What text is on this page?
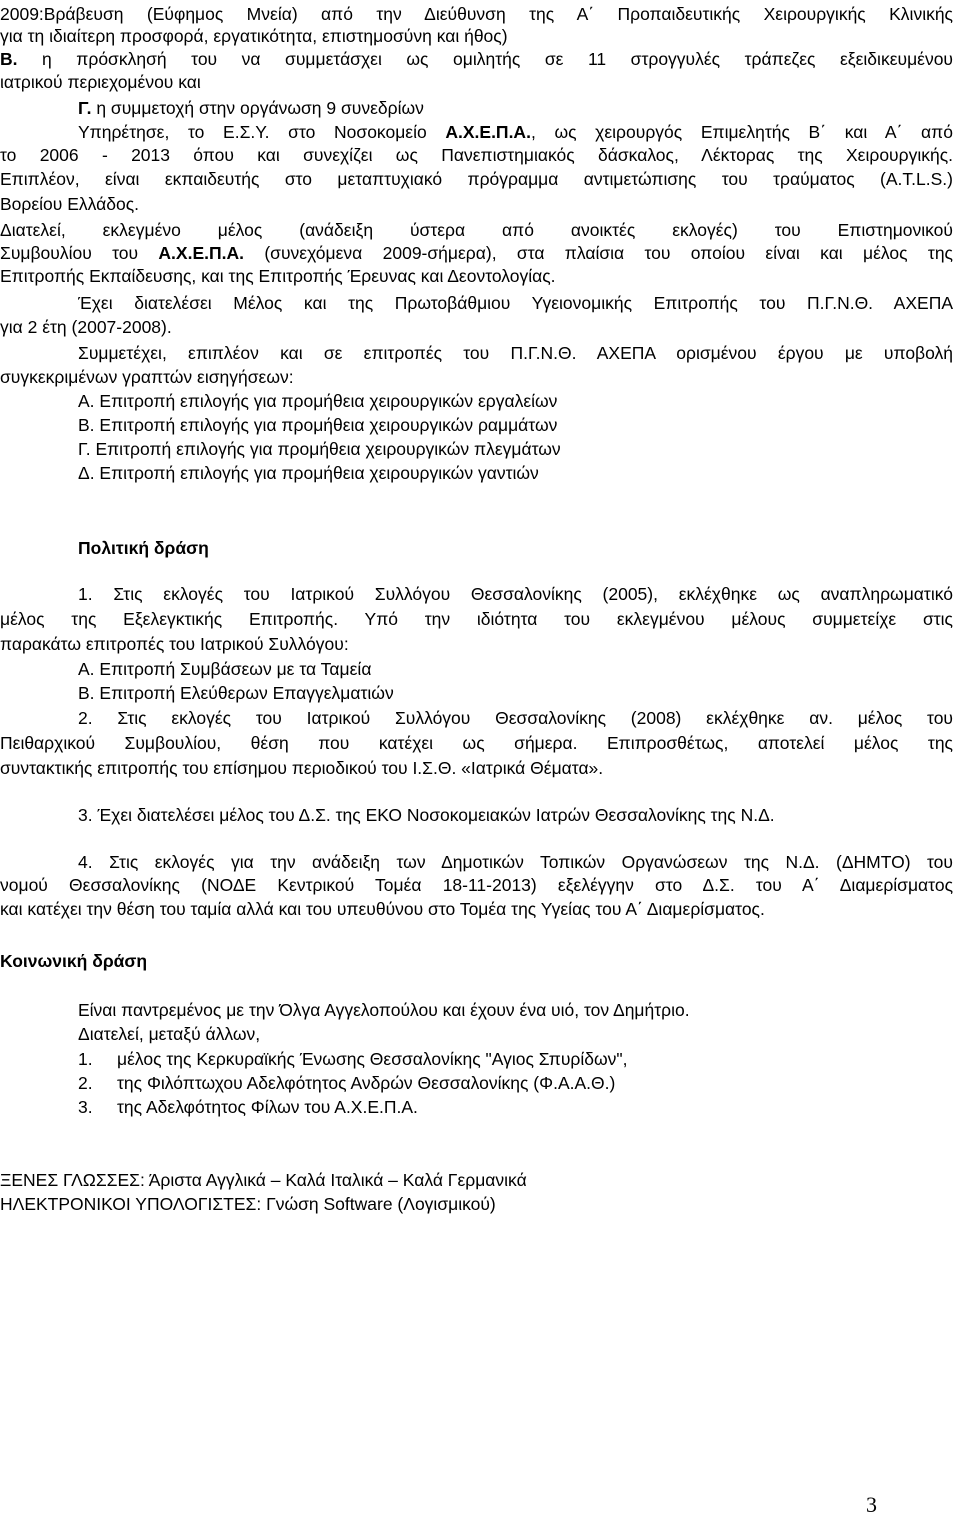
2009:Βράβευση (Εύφημος Μνεία) από την Διεύθυνση της Α΄ Προπαιδευτικής Χειρουργικής Κλινικής
για τη ιδιαίτερη προσφορά, εργατικότητα, επιστημοσύνη και ήθος)
Β. η πρόσκλησή του να συμμετάσχει ως ομιλητής σε 11 στρογγυλές τράπεζες εξειδικευμένου
ιατρικού περιεχομένου και
Γ. η συμμετοχή στην οργάνωση 9 συνεδρίων
Υπηρέτησε, το Ε.Σ.Υ. στο Νοσοκομείο Α.Χ.Ε.Π.Α., ως χειρουργός Επιμελητής Β΄ και Α΄ από
το 2006 - 2013 όπου και συνεχίζει ως Πανεπιστημιακός δάσκαλος, Λέκτορας της Χειρουργικής.
Επιπλέον, είναι εκπαιδευτής στο μεταπτυχιακό πρόγραμμα αντιμετώπισης του τραύματος (A.T.L.S.)
Βορείου Ελλάδος.
Διατελεί, εκλεγμένο μέλος (ανάδειξη ύστερα από ανοικτές εκλογές) του Επιστημονικού
Συμβουλίου του Α.Χ.Ε.Π.Α. (συνεχόμενα 2009-σήμερα), στα πλαίσια του οποίου είναι και μέλος της
Επιτροπής Εκπαίδευσης, και της Επιτροπής Έρευνας και Δεοντολογίας.
Έχει διατελέσει Μέλος και της Πρωτοβάθμιου Υγειονομικής Επιτροπής του Π.Γ.Ν.Θ. ΑΧΕΠΑ
για 2 έτη (2007-2008).
Συμμετέχει, επιπλέον και σε επιτροπές του Π.Γ.Ν.Θ. ΑΧΕΠΑ ορισμένου έργου με υποβολή
συγκεκριμένων γραπτών εισηγήσεων:
Α. Επιτροπή επιλογής για προμήθεια χειρουργικών εργαλείων
Β. Επιτροπή επιλογής για προμήθεια χειρουργικών ραμμάτων
Γ. Επιτροπή επιλογής για προμήθεια χειρουργικών πλεγμάτων
Δ. Επιτροπή επιλογής για προμήθεια χειρουργικών γαντιών
Πολιτική δράση
1. Στις εκλογές του Ιατρικού Συλλόγου Θεσσαλονίκης (2005), εκλέχθηκε ως αναπληρωματικό
μέλος της Εξελεγκτικής Επιτροπής. Υπό την ιδιότητα του εκλεγμένου μέλους συμμετείχε στις
παρακάτω επιτροπές του Ιατρικού Συλλόγου:
Α. Επιτροπή Συμβάσεων με τα Ταμεία
Β. Επιτροπή Ελεύθερων Επαγγελματιών
2. Στις εκλογές του Ιατρικού Συλλόγου Θεσσαλονίκης (2008) εκλέχθηκε αν. μέλος του
Πειθαρχικού Συμβουλίου, θέση που κατέχει ως σήμερα. Επιπροσθέτως, αποτελεί μέλος της
συντακτικής επιτροπής του επίσημου περιοδικού του Ι.Σ.Θ. «Ιατρικά Θέματα».
3. Έχει διατελέσει μέλος του Δ.Σ. της ΕΚΟ Νοσοκομειακών Ιατρών Θεσσαλονίκης της Ν.Δ.
4. Στις εκλογές για την ανάδειξη των Δημοτικών Τοπικών Οργανώσεων της Ν.Δ. (ΔΗΜΤΟ) του
νομού Θεσσαλονίκης (ΝΟΔΕ Κεντρικού Τομέα 18-11-2013) εξελέγγην στο Δ.Σ. του Α΄ Διαμερίσματος
και κατέχει την θέση του ταμία αλλά και του υπευθύνου στο Τομέα της Υγείας του Α΄ Διαμερίσματος.
Κοινωνική δράση
Είναι παντρεμένος με την Όλγα Αγγελοπούλου και έχουν ένα υιό, τον Δημήτριο.
Διατελεί, μεταξύ άλλων,
1. μέλος της Κερκυραϊκής Ένωσης Θεσσαλονίκης "Αγιος Σπυρίδων",
2. της Φιλόπτωχου Αδελφότητος Ανδρών Θεσσαλονίκης (Φ.Α.Α.Θ.)
3. της Αδελφότητος Φίλων του Α.Χ.Ε.Π.Α.
ΞΕΝΕΣ ΓΛΩΣΣΕΣ: Άριστα Αγγλικά – Καλά Ιταλικά – Καλά Γερμανικά
ΗΛΕΚΤΡΟΝΙΚΟΙ ΥΠΟΛΟΓΙΣΤΕΣ: Γνώση Software (Λογισμικού)
3
